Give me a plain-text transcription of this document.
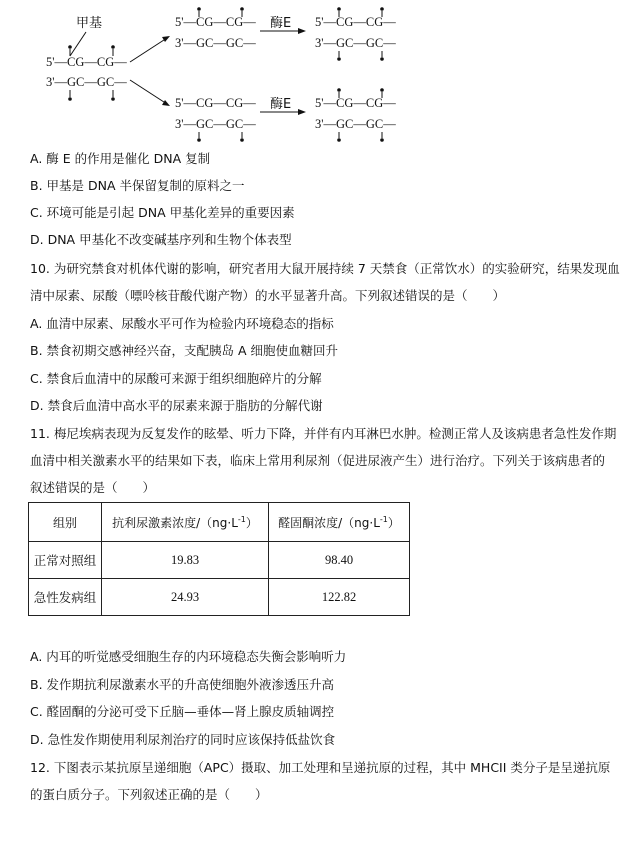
甲基
5'—CG—CG—
3'—GC—GC—
5'—CG—CG—
3'—GC—GC—
酶E 5'—CG—CG—
3'—GC—GC—
5'—CG—CG—
3'—GC—GC—
酶E 5'—CG—CG—
3'—GC—GC—
A. 酶 E 的作用是催化 DNA 复制
B. 甲基是 DNA 半保留复制的原料之一
C. 环境可能是引起 DNA 甲基化差异的重要因素
D. DNA 甲基化不改变碱基序列和生物个体表型
10. 为研究禁食对机体代谢的影响，研究者用大鼠开展持续 7 天禁食（正常饮水）的实验研究，结果发现血
清中尿素、尿酸（嘌呤核苷酸代谢产物）的水平显著升高。下列叙述错误的是（　　）
A. 血清中尿素、尿酸水平可作为检验内环境稳态的指标
B. 禁食初期交感神经兴奋，支配胰岛 A 细胞使血糖回升
C. 禁食后血清中的尿酸可来源于组织细胞碎片的分解
D. 禁食后血清中高水平的尿素来源于脂肪的分解代谢
11. 梅尼埃病表现为反复发作的眩晕、听力下降，并伴有内耳淋巴水肿。检测正常人及该病患者急性发作期
血清中相关激素水平的结果如下表，临床上常用利尿剂（促进尿液产生）进行治疗。下列关于该病患者的
叙述错误的是（　　）
组别	抗利尿激素浓度$/(ng\cdot L^{-1})$	醛固酮浓度$/(ng\cdot L^{-1})$
正常对照组	19.83	98.40
急性发病组	24.93	122.82
A. 内耳的听觉感受细胞生存的内环境稳态失衡会影响听力
B. 发作期抗利尿激素水平的升高使细胞外液渗透压升高
C. 醛固酮的分泌可受下丘脑—垂体—肾上腺皮质轴调控
D. 急性发作期使用利尿剂治疗的同时应该保持低盐饮食
12. 下图表示某抗原呈递细胞（APC）摄取、加工处理和呈递抗原的过程，其中 MHCII 类分子是呈递抗原
的蛋白质分子。下列叙述正确的是（　　）
